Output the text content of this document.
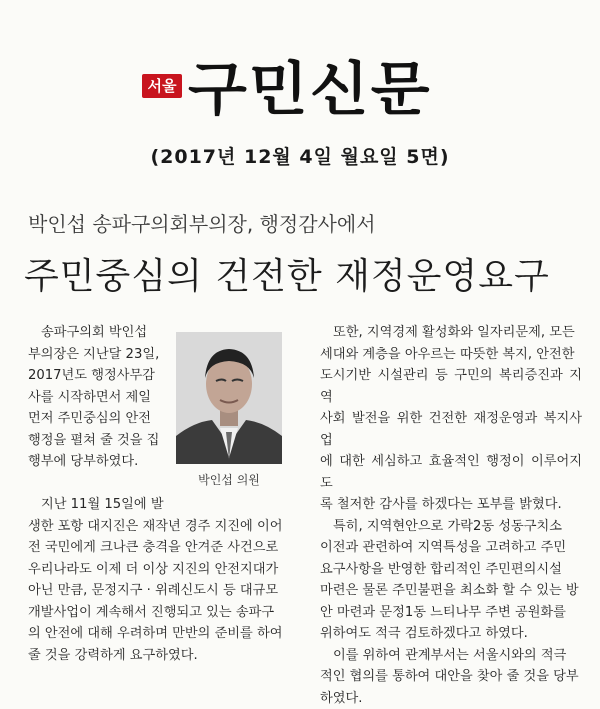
서울 구민신문
(2017년 12월 4일 월요일 5면)
박인섭 송파구의회부의장, 행정감사에서
주민중심의 건전한 재정운영요구

송파구의회 박인섭

부의장은 지난달 23일,

2017년도 행정사무감

사를 시작하면서 제일

먼저 주민중심의 안전

행정을 펼쳐 줄 것을 집

행부에 당부하였다.

박인섭 의원

지난 11월 15일에 발

생한 포항 대지진은 재작년 경주 지진에 이어

전 국민에게 크나큰 충격을 안겨준 사건으로

우리나라도 이제 더 이상 지진의 안전지대가

아닌 만큼, 문정지구 · 위례신도시 등 대규모

개발사업이 계속해서 진행되고 있는 송파구

의 안전에 대해 우려하며 만반의 준비를 하여

줄 것을 강력하게 요구하였다.

또한, 지역경제 활성화와 일자리문제, 모든

세대와 계층을 아우르는 따뜻한 복지, 안전한

도시기반 시설관리 등 구민의 복리증진과 지역

사회 발전을 위한 건전한 재정운영과 복지사업

에 대한 세심하고 효율적인 행정이 이루어지도

록 철저한 감사를 하겠다는 포부를 밝혔다.

특히, 지역현안으로 가락2동 성동구치소

이전과 관련하여 지역특성을 고려하고 주민

요구사항을 반영한 합리적인 주민편의시설

마련은 물론 주민불편을 최소화 할 수 있는 방

안 마련과 문정1동 느티나무 주변 공원화를

위하여도 적극 검토하겠다고 하였다.

이를 위하여 관계부서는 서울시와의 적극

적인 협의를 통하여 대안을 찾아 줄 것을 당부

하였다.
